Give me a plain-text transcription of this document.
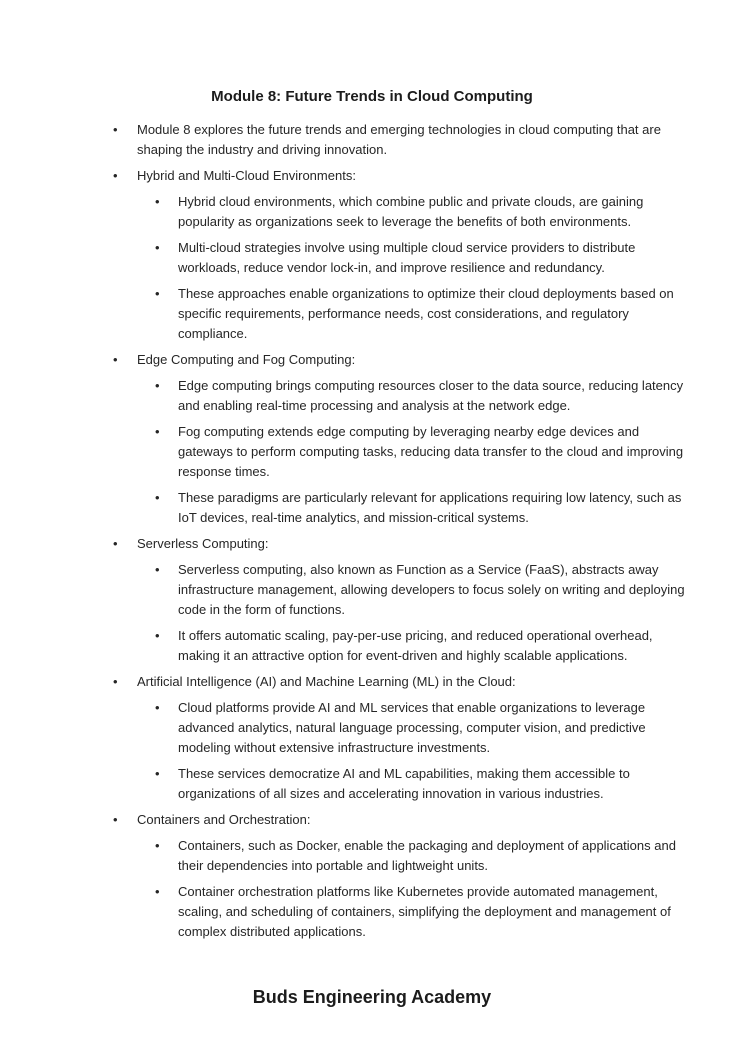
Module 8: Future Trends in Cloud Computing
• Module 8 explores the future trends and emerging technologies in cloud computing that are shaping the industry and driving innovation.

• Hybrid and Multi-Cloud Environments:

• Hybrid cloud environments, which combine public and private clouds, are gaining popularity as organizations seek to leverage the benefits of both environments.

• Multi-cloud strategies involve using multiple cloud service providers to distribute workloads, reduce vendor lock-in, and improve resilience and redundancy.

• These approaches enable organizations to optimize their cloud deployments based on specific requirements, performance needs, cost considerations, and regulatory compliance.

• Edge Computing and Fog Computing:

• Edge computing brings computing resources closer to the data source, reducing latency and enabling real-time processing and analysis at the network edge.

• Fog computing extends edge computing by leveraging nearby edge devices and gateways to perform computing tasks, reducing data transfer to the cloud and improving response times.

• These paradigms are particularly relevant for applications requiring low latency, such as IoT devices, real-time analytics, and mission-critical systems.

• Serverless Computing:

• Serverless computing, also known as Function as a Service (FaaS), abstracts away infrastructure management, allowing developers to focus solely on writing and deploying code in the form of functions.

• It offers automatic scaling, pay-per-use pricing, and reduced operational overhead, making it an attractive option for event-driven and highly scalable applications.

• Artificial Intelligence (AI) and Machine Learning (ML) in the Cloud:

• Cloud platforms provide AI and ML services that enable organizations to leverage advanced analytics, natural language processing, computer vision, and predictive modeling without extensive infrastructure investments.

• These services democratize AI and ML capabilities, making them accessible to organizations of all sizes and accelerating innovation in various industries.

• Containers and Orchestration:

• Containers, such as Docker, enable the packaging and deployment of applications and their dependencies into portable and lightweight units.

• Container orchestration platforms like Kubernetes provide automated management, scaling, and scheduling of containers, simplifying the deployment and management of complex distributed applications.

Buds Engineering Academy
